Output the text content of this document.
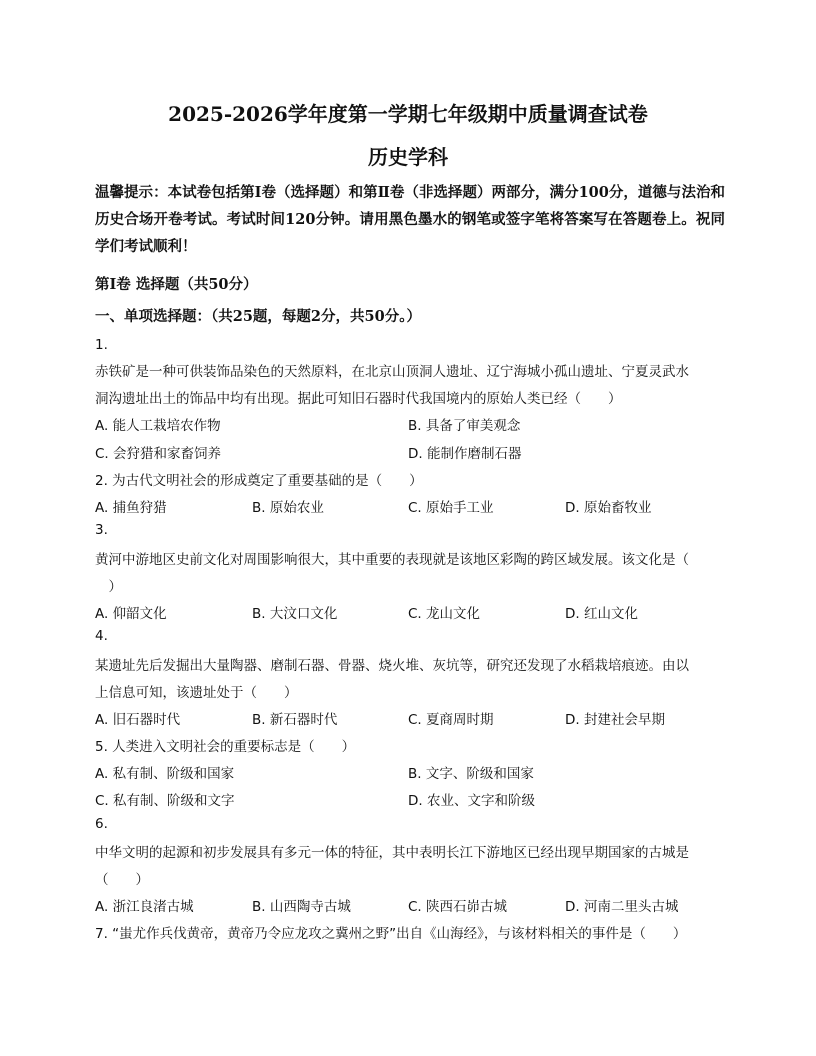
2025-2026学年度第一学期七年级期中质量调查试卷
历史学科
温馨提示：本试卷包括第Ⅰ卷（选择题）和第Ⅱ卷（非选择题）两部分，满分100分，道德与法治和历史合场开卷考试。考试时间120分钟。请用黑色墨水的钢笔或签字笔将答案写在答题卷上。祝同学们考试顺利！
第Ⅰ卷 选择题（共50分）
一、单项选择题：（共25题，每题2分，共50分。）
1.
赤铁矿是一种可供装饰品染色的天然原料，在北京山顶洞人遗址、辽宁海城小孤山遗址、宁夏灵武水
洞沟遗址出土的饰品中均有出现。据此可知旧石器时代我国境内的原始人类已经（　　）
A. 能人工栽培农作物	B. 具备了审美观念
C. 会狩猎和家畜饲养	D. 能制作磨制石器
2. 为古代文明社会的形成奠定了重要基础的是（　　）
A. 捕鱼狩猎	B. 原始农业	C. 原始手工业	D. 原始畜牧业
3.
黄河中游地区史前文化对周围影响很大，其中重要的表现就是该地区彩陶的跨区域发展。该文化是（
　）
A. 仰韶文化	B. 大汶口文化	C. 龙山文化	D. 红山文化
4.
某遗址先后发掘出大量陶器、磨制石器、骨器、烧火堆、灰坑等，研究还发现了水稻栽培痕迹。由以
上信息可知，该遗址处于（　　）
A. 旧石器时代	B. 新石器时代	C. 夏商周时期	D. 封建社会早期
5. 人类进入文明社会的重要标志是（　　）
A. 私有制、阶级和国家	B. 文字、阶级和国家
C. 私有制、阶级和文字	D. 农业、文字和阶级
6.
中华文明的起源和初步发展具有多元一体的特征，其中表明长江下游地区已经出现早期国家的古城是
（　　）
A. 浙江良渚古城	B. 山西陶寺古城	C. 陕西石峁古城	D. 河南二里头古城
7. “蚩尤作兵伐黄帝，黄帝乃令应龙攻之冀州之野”出自《山海经》，与该材料相关的事件是（　　）
